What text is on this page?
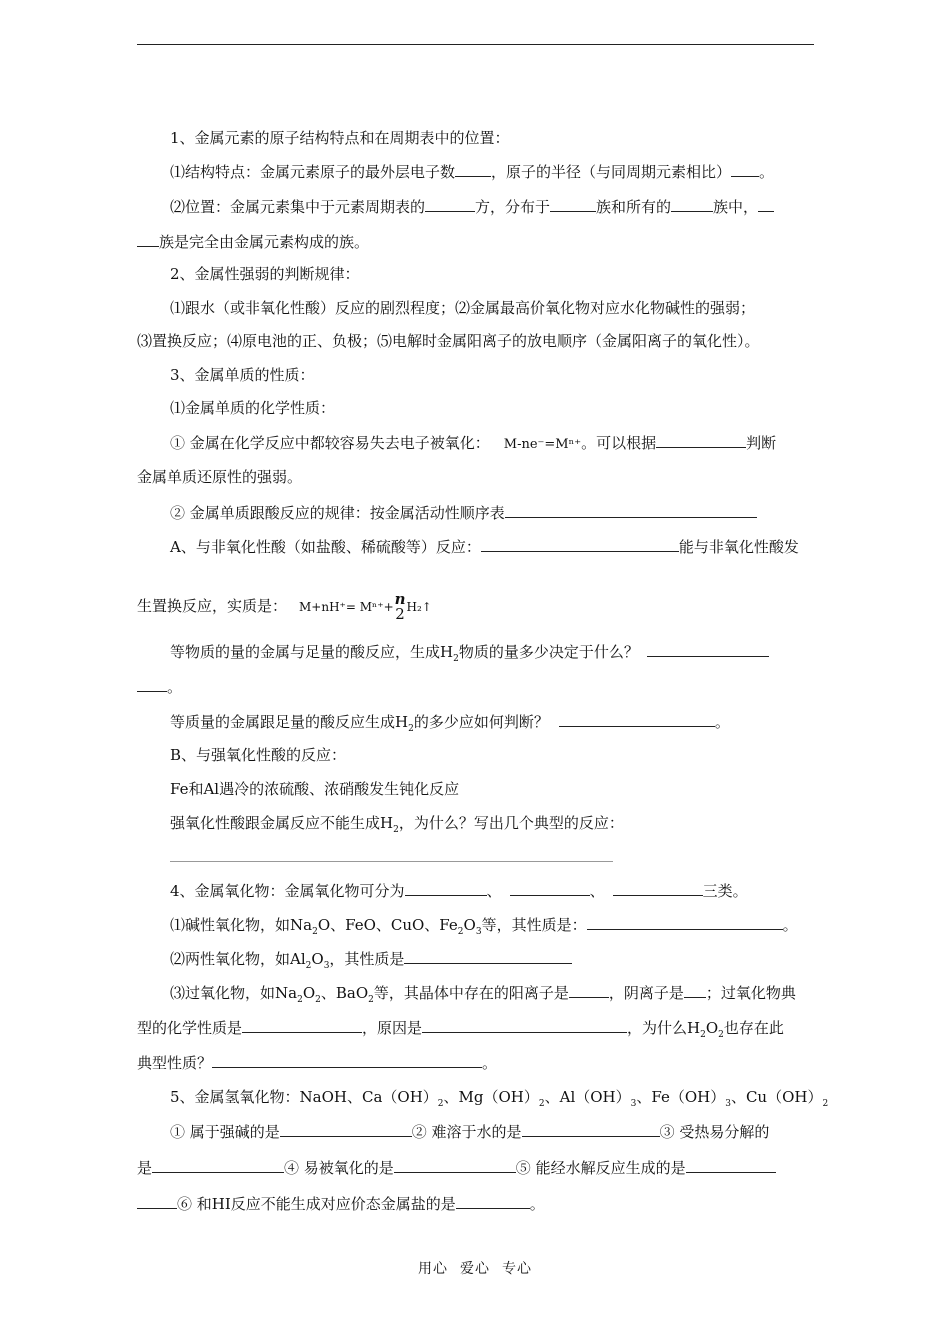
1、金属元素的原子结构特点和在周期表中的位置：
⑴结构特点：金属元素原子的最外层电子数 ，原子的半径（与同周期元素相比） 。
⑵位置：金属元素集中于元素周期表的	方，分布于	族和所有的	族中，
族是完全由金属元素构成的族。
2、金属性强弱的判断规律：
⑴跟水（或非氧化性酸）反应的剧烈程度；⑵金属最高价氧化物对应水化物碱性的强弱；
⑶置换反应；⑷原电池的正、负极；⑸电解时金属阳离子的放电顺序（金属阳离子的氧化性）。
3、金属单质的性质：
⑴金属单质的化学性质：
① 金属在化学反应中都较容易失去电子被氧化： M-ne⁻=Mⁿ⁺。可以根据	判断
金属单质还原性的强弱。
② 金属单质跟酸反应的规律：按金属活动性顺序表
A、与非氧化性酸（如盐酸、稀硫酸等）反应：	能与非氧化性酸发
生置换反应，实质是： M+nH⁺= Mⁿ⁺+ n
2 H₂↑
等物质的量的金属与足量的酸反应，生成$H_2$物质的量多少决定于什么？
。
等质量的金属跟足量的酸反应生成$H_2$的多少应如何判断？	。
B、与强氧化性酸的反应：
Fe和Al遇冷的浓硫酸、浓硝酸发生钝化反应
强氧化性酸跟金属反应不能生成$H_2$，为什么？写出几个典型的反应：
4、金属氧化物：金属氧化物可分为	、	、	三类。
⑴碱性氧化物，如$Na_2O$、FeO、CuO、$Fe_2O_3$等，其性质是：	。
⑵两性氧化物，如$Al_2O_3$，其性质是
⑶过氧化物，如$Na_2O_2$、BaO$_2$等，其晶体中存在的阳离子是	，阴离子是 ；过氧化物典
型的化学性质是	，原因是	，为什么$H_2O_2$也存在此
典型性质？	。
5、金属氢氧化物：NaOH、$Ca(OH)_2$、$Mg(OH)_2$、$Al(OH)_3$、$Fe(OH)_3$、$Cu(OH)_2$
① 属于强碱的是	② 难溶于水的是	③ 受热易分解的
是	④ 易被氧化的是	⑤ 能经水解反应生成的是
⑥ 和HI反应不能生成对应价态金属盐的是	。
用心 爱心 专心
